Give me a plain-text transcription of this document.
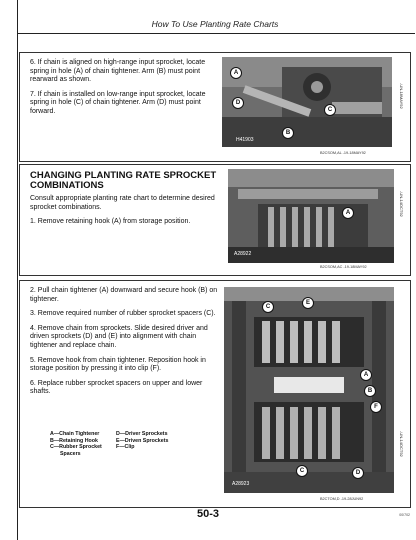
How To Use Planting Rate Charts

6. If chain is aligned on high-range input sprocket, locate spring in hole (A) of chain tightener. Arm (B) must point rearward as shown.

7. If chain is installed on low-range input sprocket, locate spring in hole (C) of chain tightener. Arm (D) must point forward.

A
D
C
B
H41903
-UN-18MAY92
B2CSOM,AL -19-18MAY92

CHANGING PLANTING RATE SPROCKET COMBINATIONS

Consult appropriate planting rate chart to determine desired sprocket combinations.

1. Remove retaining hook (A) from storage position.

A
A28922
-UN-14OCT92
B2CSOM,AC -19-18MAY92

2. Pull chain tightener (A) downward and secure hook (B) on tightener.

3. Remove required number of rubber sprocket spacers (C).

4. Remove chain from sprockets. Slide desired driver and driven sprockets (D) and (E) into alignment with chain tightener and replace chain.

5. Remove hook from chain tightener. Reposition hook in storage position by pressing it into clip (F).

6. Replace rubber sprocket spacers on upper and lower shafts.

A—Chain Tightener
B—Retaining Hook
C—Rubber Sprocket
Spacers
D—Driver Sprockets
E—Driven Sprockets
F—Clip
C
E
A
B
F
C	D
A28923
-UN-14OCT92
B2CTOM,D -19-28JUN92
50-3	00/702
